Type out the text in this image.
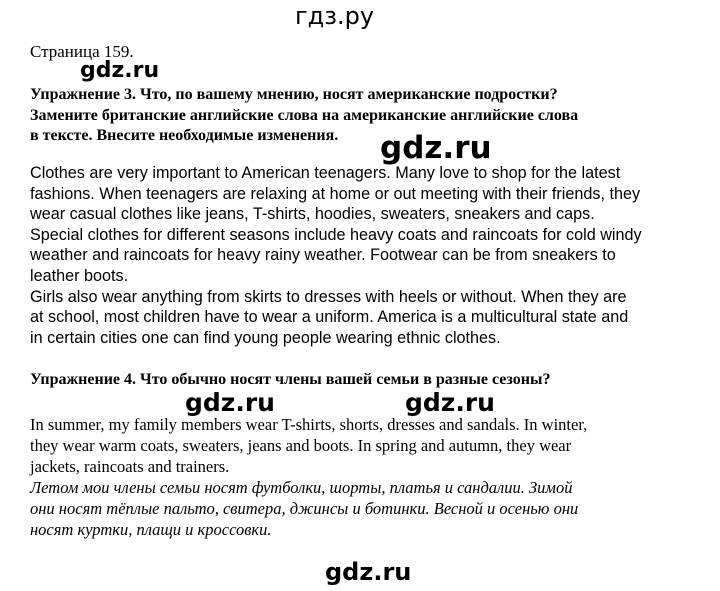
гдз.ру
Страница 159.
gdz.ru
gdz.ru
gdz.ru	gdz.ru
gdz.ru
Упражнение 3. Что, по вашему мнению, носят американские подростки?
Замените британские английские слова на американские английские слова
в тексте. Внесите необходимые изменения.
Clothes are very important to American teenagers. Many love to shop for the latest
fashions. When teenagers are relaxing at home or out meeting with their friends, they
wear casual clothes like jeans, T-shirts, hoodies, sweaters, sneakers and caps.
Special clothes for different seasons include heavy coats and raincoats for cold windy
weather and raincoats for heavy rainy weather. Footwear can be from sneakers to
leather boots.
Girls also wear anything from skirts to dresses with heels or without. When they are
at school, most children have to wear a uniform. America is a multicultural state and
in certain cities one can find young people wearing ethnic clothes.
Упражнение 4. Что обычно носят члены вашей семьи в разные сезоны?
In summer, my family members wear T-shirts, shorts, dresses and sandals. In winter,
they wear warm coats, sweaters, jeans and boots. In spring and autumn, they wear
jackets, raincoats and trainers.
Летом мои члены семьи носят футболки, шорты, платья и сандалии. Зимой
они носят тёплые пальто, свитера, джинсы и ботинки. Весной и осенью они
носят куртки, плащи и кроссовки.
